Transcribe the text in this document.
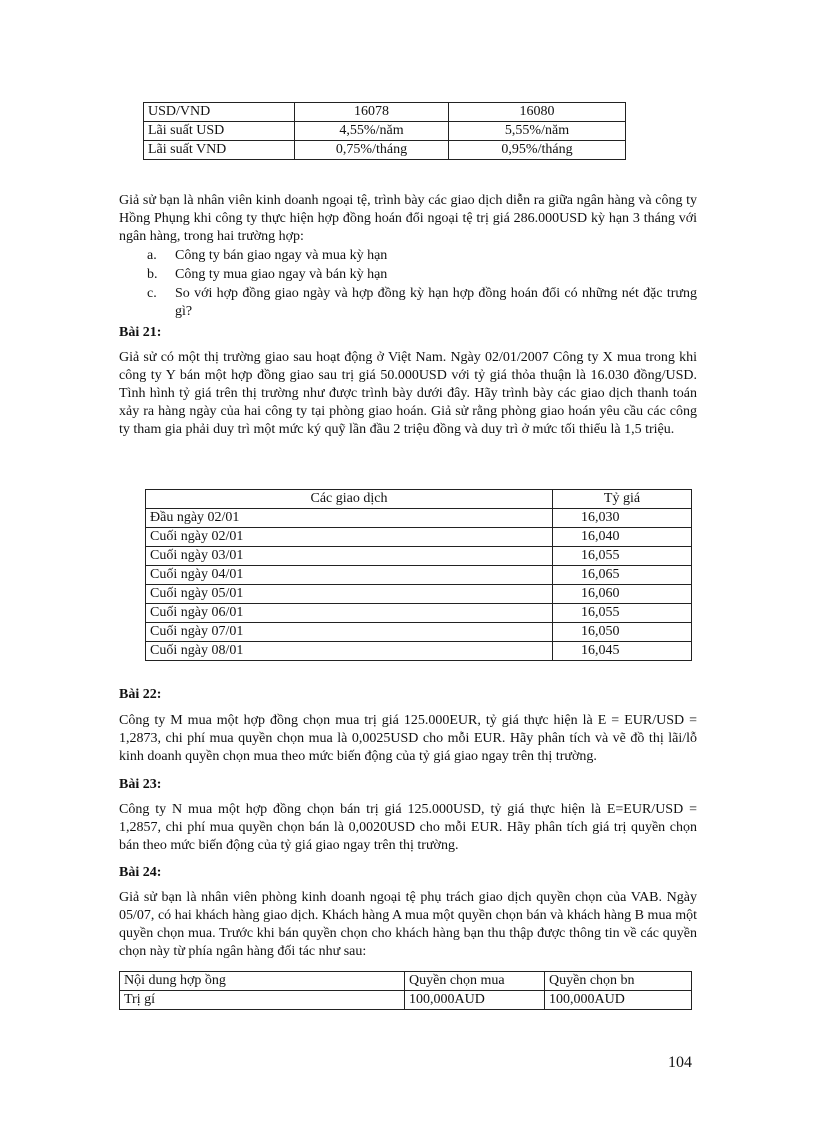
USD/VND	16078	16080
Lãi suất USD	4,55%/năm	5,55%/năm
Lãi suất VND	0,75%/tháng	0,95%/tháng

Giả sử bạn là nhân viên kinh doanh ngoại tệ, trình bày các giao dịch diễn ra giữa ngân hàng và công ty Hồng Phụng khi công ty thực hiện hợp đồng hoán đổi ngoại tệ trị giá 286.000USD kỳ hạn 3 tháng với ngân hàng, trong hai trường hợp:

a. Công ty bán giao ngay và mua kỳ hạn
b. Công ty mua giao ngay và bán kỳ hạn
c. So với hợp đồng giao ngày và hợp đồng kỳ hạn hợp đồng hoán đổi có những nét đặc trưng gì?
Bài 21:

Giả sử có một thị trường giao sau hoạt động ở Việt Nam. Ngày 02/01/2007 Công ty X mua trong khi công ty Y bán một hợp đồng giao sau trị giá 50.000USD với tỷ giá thỏa thuận là 16.030 đồng/USD. Tình hình tỷ giá trên thị trường như được trình bày dưới đây. Hãy trình bày các giao dịch thanh toán xảy ra hàng ngày của hai công ty tại phòng giao hoán. Giả sử rằng phòng giao hoán yêu cầu các công ty tham gia phải duy trì một mức ký quỹ lần đầu 2 triệu đồng và duy trì ở mức tối thiểu là 1,5 triệu.

Các giao dịch	Tỷ giá
Đầu ngày 02/01	16,030
Cuối ngày 02/01	16,040
Cuối ngày 03/01	16,055
Cuối ngày 04/01	16,065
Cuối ngày 05/01	16,060
Cuối ngày 06/01	16,055
Cuối ngày 07/01	16,050
Cuối ngày 08/01	16,045
Bài 22:

Công ty M mua một hợp đồng chọn mua trị giá 125.000EUR, tỷ giá thực hiện là E = EUR/USD = 1,2873, chi phí mua quyền chọn mua là 0,0025USD cho mỗi EUR. Hãy phân tích và vẽ đồ thị lãi/lỗ kinh doanh quyền chọn mua theo mức biến động của tỷ giá giao ngay trên thị trường.

Bài 23:

Công ty N mua một hợp đồng chọn bán trị giá 125.000USD, tỷ giá thực hiện là E=EUR/USD = 1,2857, chi phí mua quyền chọn bán là 0,0020USD cho mỗi EUR. Hãy phân tích giá trị quyền chọn bán theo mức biến động của tỷ giá giao ngay trên thị trường.

Bài 24:

Giả sử bạn là nhân viên phòng kinh doanh ngoại tệ phụ trách giao dịch quyền chọn của VAB. Ngày 05/07, có hai khách hàng giao dịch. Khách hàng A mua một quyền chọn bán và khách hàng B mua một quyền chọn mua. Trước khi bán quyền chọn cho khách hàng bạn thu thập được thông tin về các quyền chọn này từ phía ngân hàng đối tác như sau:

Nội dung hợp ồng	Quyền chọn mua	Quyền chọn bn
Trị gí	100,000AUD	100,000AUD
104
